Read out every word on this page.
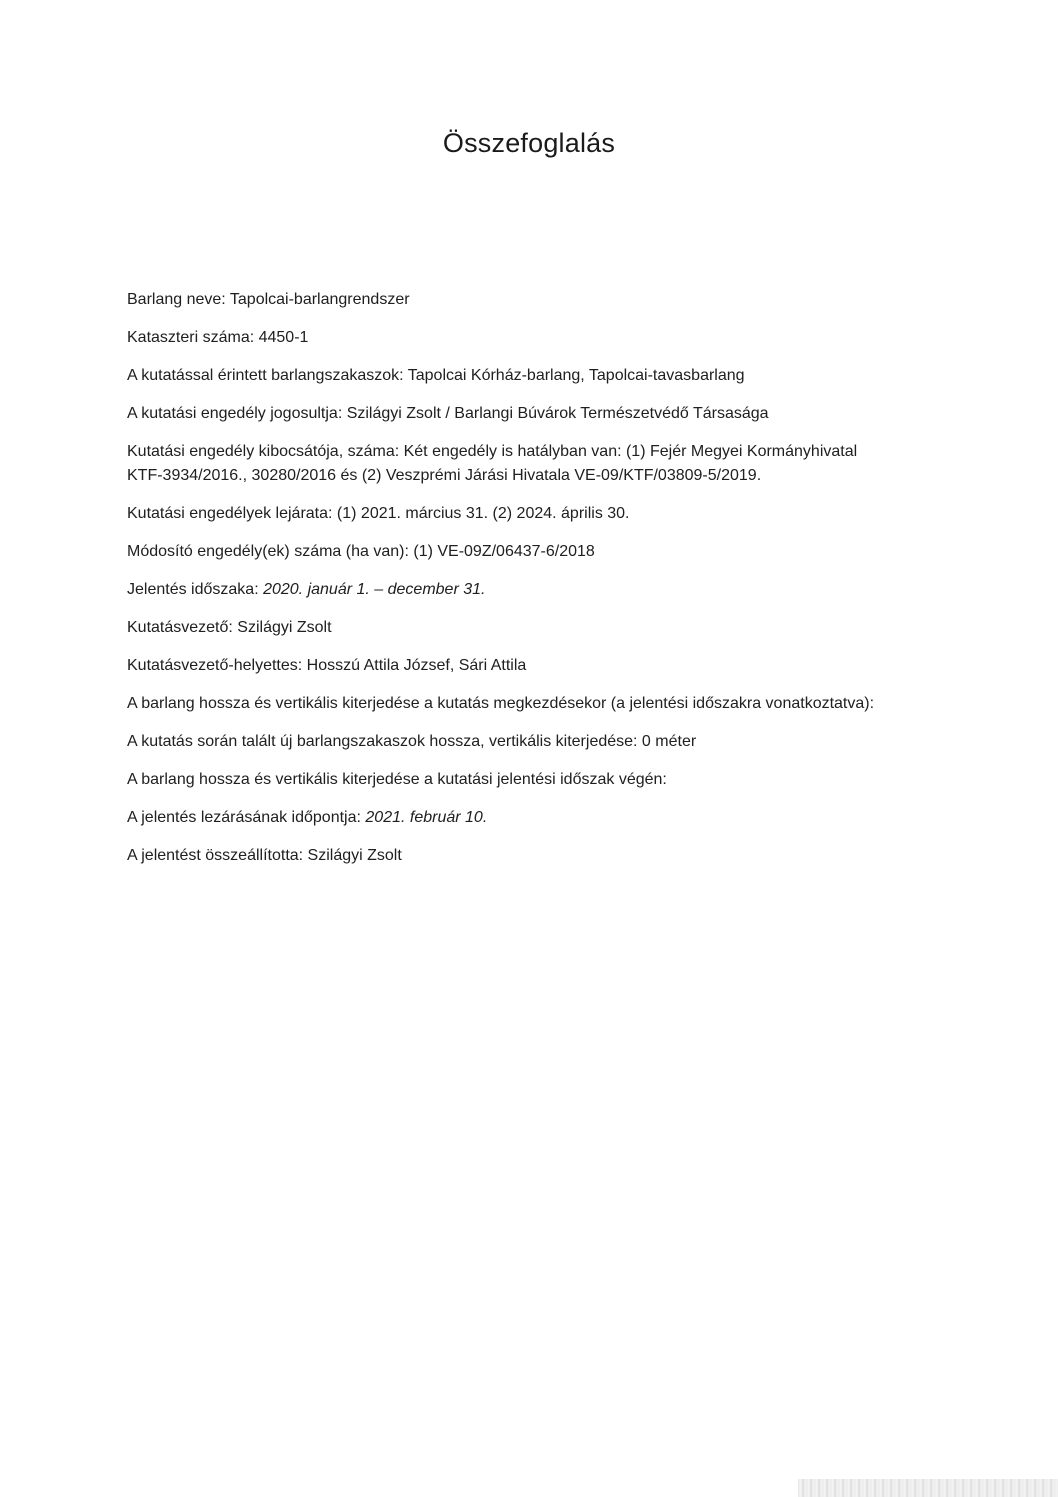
Összefoglalás

Barlang neve: Tapolcai-barlangrendszer

Kataszteri száma: 4450-1

A kutatással érintett barlangszakaszok: Tapolcai Kórház-barlang, Tapolcai-tavasbarlang

A kutatási engedély jogosultja: Szilágyi Zsolt / Barlangi Búvárok Természetvédő Társasága

Kutatási engedély kibocsátója, száma: Két engedély is hatályban van: (1) Fejér Megyei Kormányhivatal KTF-3934/2016., 30280/2016 és (2) Veszprémi Járási Hivatala VE-09/KTF/03809-5/2019.

Kutatási engedélyek lejárata: (1) 2021. március 31. (2) 2024. április 30.

Módosító engedély(ek) száma (ha van): (1) VE-09Z/06437-6/2018

Jelentés időszaka: 2020. január 1. – december 31.

Kutatásvezető: Szilágyi Zsolt

Kutatásvezető-helyettes: Hosszú Attila József, Sári Attila

A barlang hossza és vertikális kiterjedése a kutatás megkezdésekor (a jelentési időszakra vonatkoztatva):

A kutatás során talált új barlangszakaszok hossza, vertikális kiterjedése: 0 méter

A barlang hossza és vertikális kiterjedése a kutatási jelentési időszak végén:

A jelentés lezárásának időpontja: 2021. február 10.

A jelentést összeállította: Szilágyi Zsolt
